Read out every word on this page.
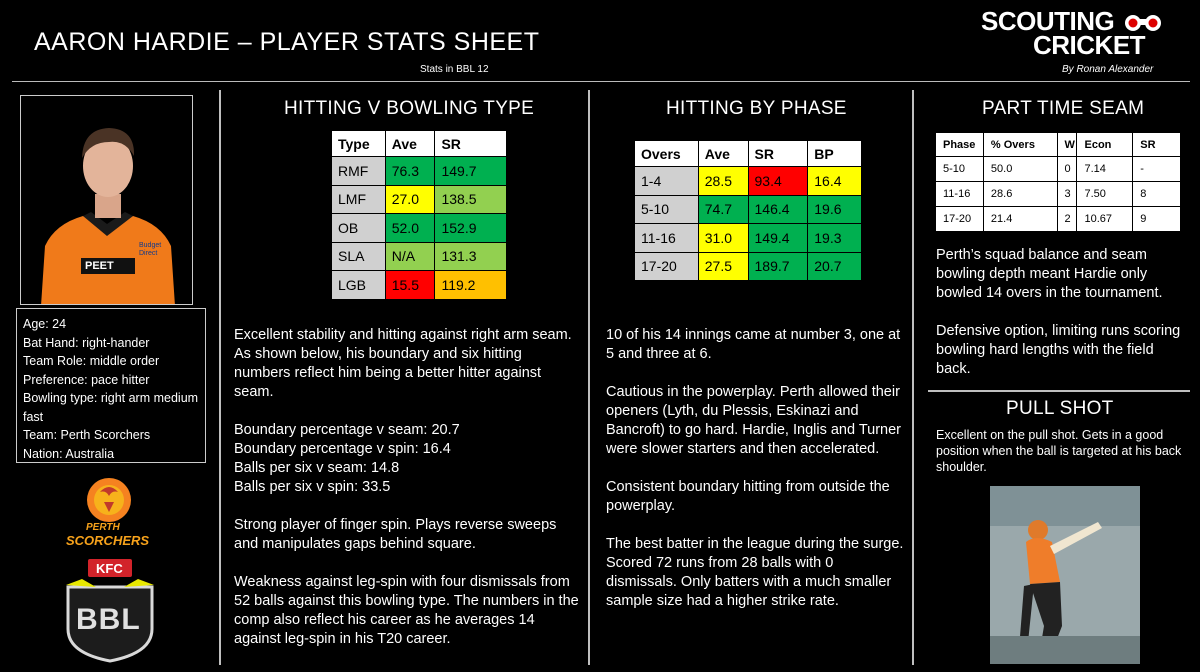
AARON HARDIE – PLAYER STATS SHEET
Stats in BBL 12
SCOUTING
CRICKET
By Ronan Alexander
PEET
Budget Direct
Age: 24
Bat Hand: right-hander
Team Role: middle order
Preference: pace hitter
Bowling type: right arm medium fast
Team: Perth Scorchers
Nation: Australia
PERTH
SCORCHERS
KFC
BBL
HITTING V BOWLING TYPE
Type	Ave	SR
RMF	76.3	149.7
LMF	27.0	138.5
OB	52.0	152.9
SLA	N/A	131.3
LGB	15.5	119.2

Excellent stability and hitting against right arm seam. As shown below, his boundary and six hitting numbers reflect him being a better hitter against seam.

Boundary percentage v seam: 20.7
Boundary percentage v spin: 16.4
Balls per six v seam: 14.8

Balls per six v spin: 33.5

Strong player of finger spin. Plays reverse sweeps and manipulates gaps behind square.

Weakness against leg-spin with four dismissals from 52 balls against this bowling type. The numbers in the comp also reflect his career as he averages 14 against leg-spin in his T20 career.

HITTING BY PHASE
Overs	Ave	SR	BP
1-4	28.5	93.4	16.4
5-10	74.7	146.4	19.6
11-16	31.0	149.4	19.3
17-20	27.5	189.7	20.7

10 of his 14 innings came at number 3, one at 5 and three at 6.

Cautious in the powerplay. Perth allowed their openers (Lyth, du Plessis, Eskinazi and Bancroft) to go hard. Hardie, Inglis and Turner were slower starters and then accelerated.

Consistent boundary hitting from outside the powerplay.

The best batter in the league during the surge. Scored 72 runs from 28 balls with 0 dismissals. Only batters with a much smaller sample size had a higher strike rate.

PART TIME SEAM
Phase	% Overs	W	Econ	SR
5-10	50.0	0	7.14	-
11-16	28.6	3	7.50	8
17-20	21.4	2	10.67	9

Perth’s squad balance and seam bowling depth meant Hardie only bowled 14 overs in the tournament.

Defensive option, limiting runs scoring bowling hard lengths with the field back.

PULL SHOT
Excellent on the pull shot. Gets in a good position when the ball is targeted at his back shoulder.
